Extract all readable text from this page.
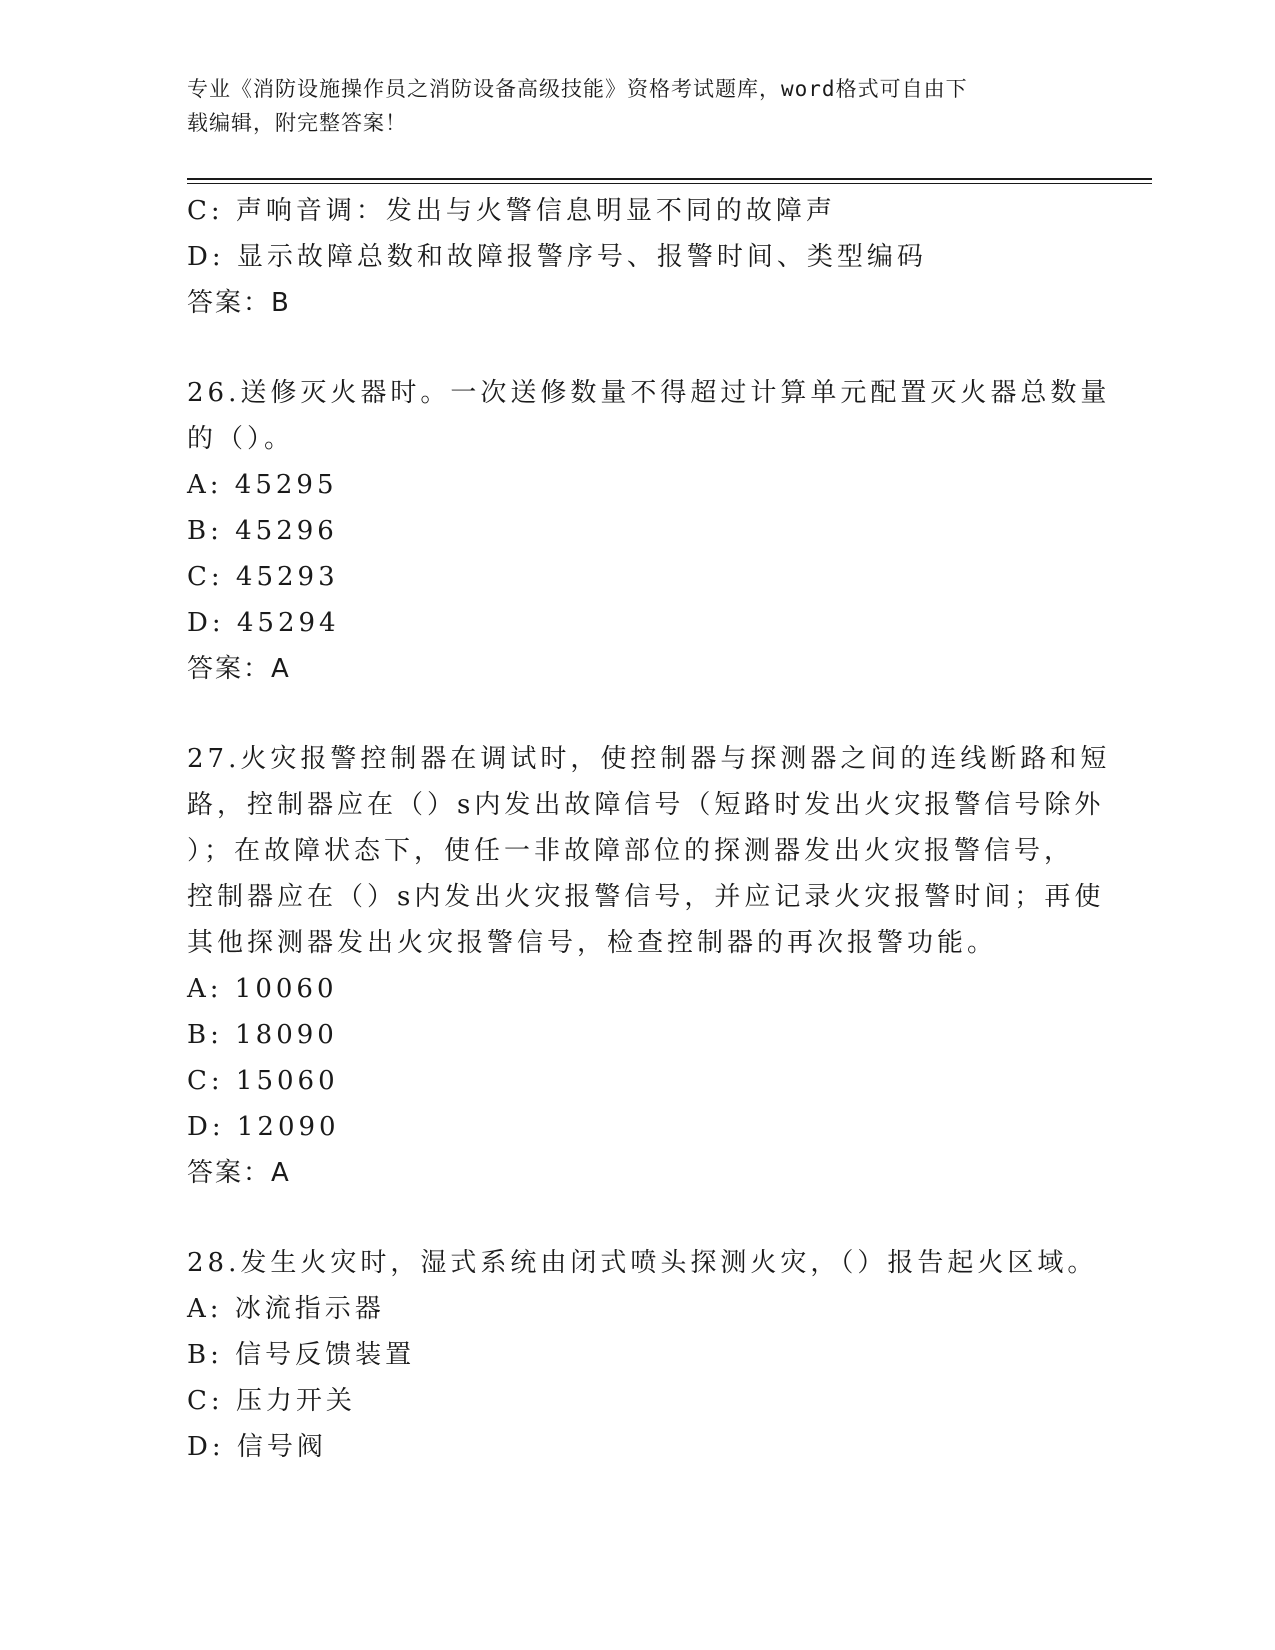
专业《消防设施操作员之消防设备高级技能》资格考试题库，word格式可自由下
载编辑，附完整答案！
C: 声响音调：发出与火警信息明显不同的故障声
D: 显示故障总数和故障报警序号、报警时间、类型编码
答案：B
26.送修灭火器时。一次送修数量不得超过计算单元配置灭火器总数量
的（）。
A: 45295
B: 45296
C: 45293
D: 45294
答案：A
27.火灾报警控制器在调试时，使控制器与探测器之间的连线断路和短
路，控制器应在（）s内发出故障信号（短路时发出火灾报警信号除外
）；在故障状态下，使任一非故障部位的探测器发出火灾报警信号，
控制器应在（）s内发出火灾报警信号，并应记录火灾报警时间；再使
其他探测器发出火灾报警信号，检查控制器的再次报警功能。
A: 10060
B: 18090
C: 15060
D: 12090
答案：A
28.发生火灾时，湿式系统由闭式喷头探测火灾，（）报告起火区域。
A: 冰流指示器
B: 信号反馈装置
C: 压力开关
D: 信号阀
